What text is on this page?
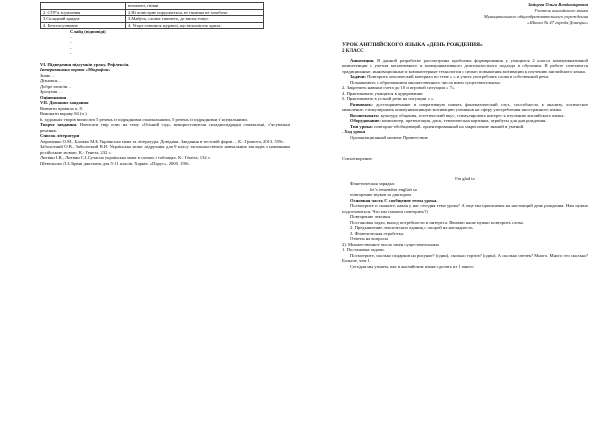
	втомлені, гнівні.
2. СТР’я зсумлення	2.Ні поністрне порушається, ні тішанка не хазабоче.
3.Складний ариднє	3.Майуть, сховає тишнеть, де висна зчнує.
4. Безстосучновне	4. Угорт озвалися журавлі, що віскиліготь крила.

Слайд (відповіді)

-

-

-

-

VI. Підведення підсумків уроку. Рефлексія.

Інтерактивна вправа «Мікрофон»

Знаю…

Дізнався…

Добре засвоїв…

Зрозумів…

Оцінювання

VII. Домашнє завдання

Вивчити правила п. 8.

Виконати вправу 84 (п.)

b. художніх творів виписати 5 речень із підрядними означальними, 5 речень із підрядними з’ясувальними.

Творче завдання. Написати твір опис на тему «Осінній сад», використовуючи складнопідрядні означальні, з’ясувальні речення.

Список літератури

Авраменко О.М., Блажко М.Б.Українська мова та література. Довідник. Завдання в тестовій формі. – К.: Грамота, 2013. 559с.

Заболотний О.В., Заболотний В.В. Українська мова: підручник для 9 класу загальноосвітніх навчальних закладів з навчанням російською мовою. К.: Генеза, 232 с.

Литвин І.В., Литвин С.І.Сучасна українська мова в схемах і таблицях. К.: Генеза, 132 с.

Шевельова Л.З.Зірвні диктанти для 5-11 класів. Харків. «Парус», 2000. 190с.

Зайцева Ольга Владимировна

Учитель английского языка

Муниципального общеобразовательного учреждения

«Школа № 47 города Донецка»

УРОК АНГЛИЙСКОГО ЯЗЫКА «ДЕНЬ РОЖДЕНИЯ»

2 КЛАСС

Аннотация. В данной разработке рассмотрены проблемы формирования у учащихся 2 класса коммуникативной компетенции с учетом когнитивного и коммуникативного деятельностного подхода в обучении. В работе сочетаются традиционные, инновационные и компьютерные технологии с целью повышения мотивации к изучению английского языка.

Задачи: Повторить лексический материал по теме « » и учить употреблять слова в собственной речи.

Познакомить с образованием множественного числа имен существительных.

2. Закрепить навыки счета до 10 и игровой ситуации « 7».

4. Практиковать учащихся в аудировании

5. Практиковать в устной речи на ситуации « ».

Развивать: достопримечание и оперативную память фонематический слух, способность к анализу, логическое мышление, стимулировать коммуникативную мотивацию учеников на сферу употребления иностранного языка.

Воспитывать: культуру общения, эстетический вкус, стимулировать интерес к изучению английского языка.

Оборудование: компьютер, презентация, диск, тематическая картинка, атрибуты для дня рождения.

Тип урока: повторно-обобщающий, ориентированный на закрепление знаний и умений.

. Ход урока

Организационный момент Приветствие

Стихотворение:

I'm glad to

Фонетическая зарядка:

let’s remember english so

повторение звуков за диктором

Основная часть С сообщение темы урока.

Посмотрите и скажите, какая у нас сегодня тема урока? А еще мы пригашены на настоящий день рождения. Нам нужно подготовиться. Что мы сможем повторить?)

Повторение лексики.

Постановка задач, выход потребности и интереса. Ввичаю наше нужно повторить слова.

2. Предъявление лексических единиц с опорой на наглядность.

3. Фонетическая отработка.

Ответы на вопросы

2). Множественное число имен существительных

1. Постановка задачи.

Посмотрите, сколько подарков на рисунке? (один), сколько тортов? (один). А сколько свечек? Много. Много это сколько? Больше, чем 1.

Сегодня мы узнаем, как в английском языке сделать из 1 много
